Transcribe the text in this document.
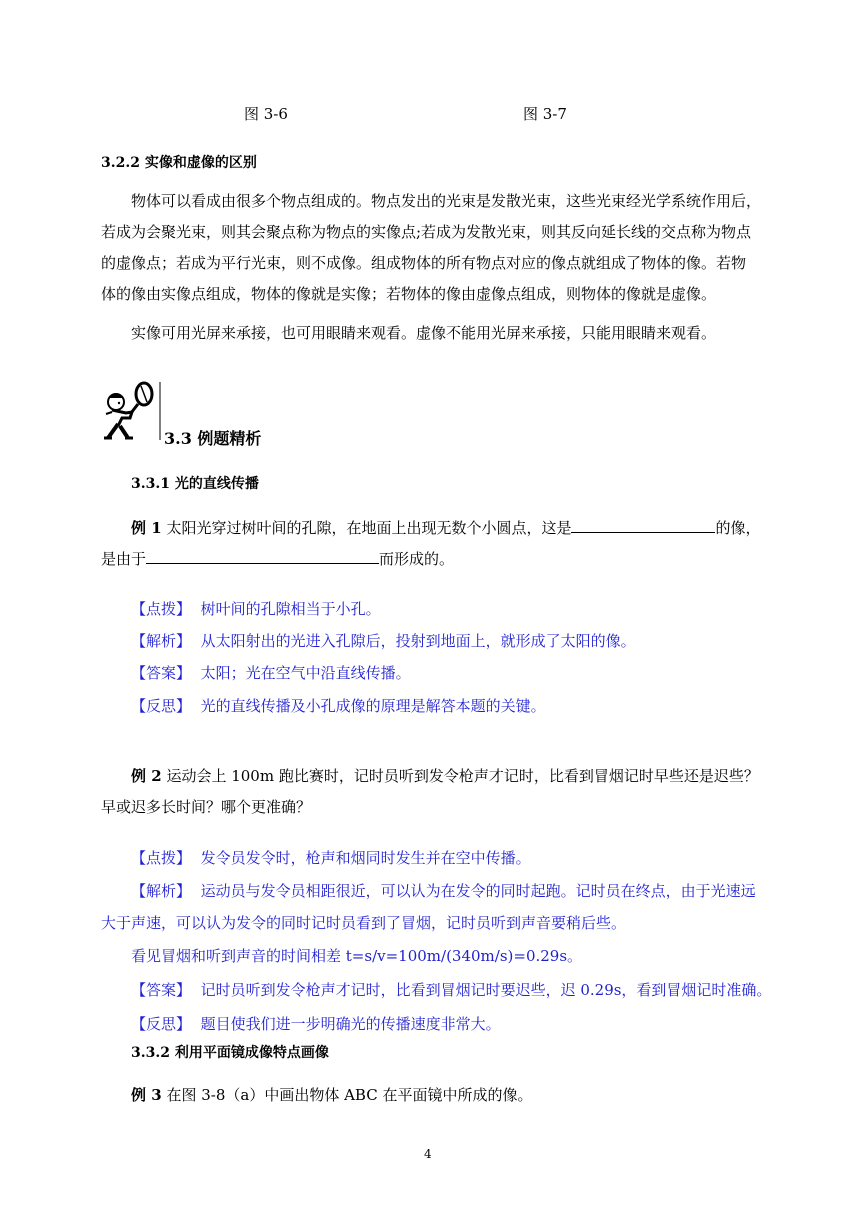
图 3-6	图 3-7
3.2.2 实像和虚像的区别
物体可以看成由很多个物点组成的。物点发出的光束是发散光束，这些光束经光学系统作用后，
若成为会聚光束，则其会聚点称为物点的实像点;若成为发散光束，则其反向延长线的交点称为物点
的虚像点；若成为平行光束，则不成像。组成物体的所有物点对应的像点就组成了物体的像。若物
体的像由实像点组成，物体的像就是实像；若物体的像由虚像点组成，则物体的像就是虚像。
实像可用光屏来承接，也可用眼睛来观看。虚像不能用光屏来承接，只能用眼睛来观看。
3.3 例题精析
3.3.1 光的直线传播
例 1 太阳光穿过树叶间的孔隙，在地面上出现无数个小圆点，这是	的像，
是由于	而形成的。
【点拨】 树叶间的孔隙相当于小孔。
【解析】 从太阳射出的光进入孔隙后，投射到地面上，就形成了太阳的像。
【答案】 太阳；光在空气中沿直线传播。
【反思】 光的直线传播及小孔成像的原理是解答本题的关键。
例 2 运动会上 100m 跑比赛时，记时员听到发令枪声才记时，比看到冒烟记时早些还是迟些？
早或迟多长时间？哪个更准确？
【点拨】 发令员发令时，枪声和烟同时发生并在空中传播。
【解析】 运动员与发令员相距很近，可以认为在发令的同时起跑。记时员在终点，由于光速远
大于声速，可以认为发令的同时记时员看到了冒烟，记时员听到声音要稍后些。
看见冒烟和听到声音的时间相差 t=s/v=100m/(340m/s)=0.29s。
【答案】 记时员听到发令枪声才记时，比看到冒烟记时要迟些，迟 0.29s，看到冒烟记时准确。
【反思】 题目使我们进一步明确光的传播速度非常大。
3.3.2 利用平面镜成像特点画像
例 3 在图 3-8（a）中画出物体 ABC 在平面镜中所成的像。
4
